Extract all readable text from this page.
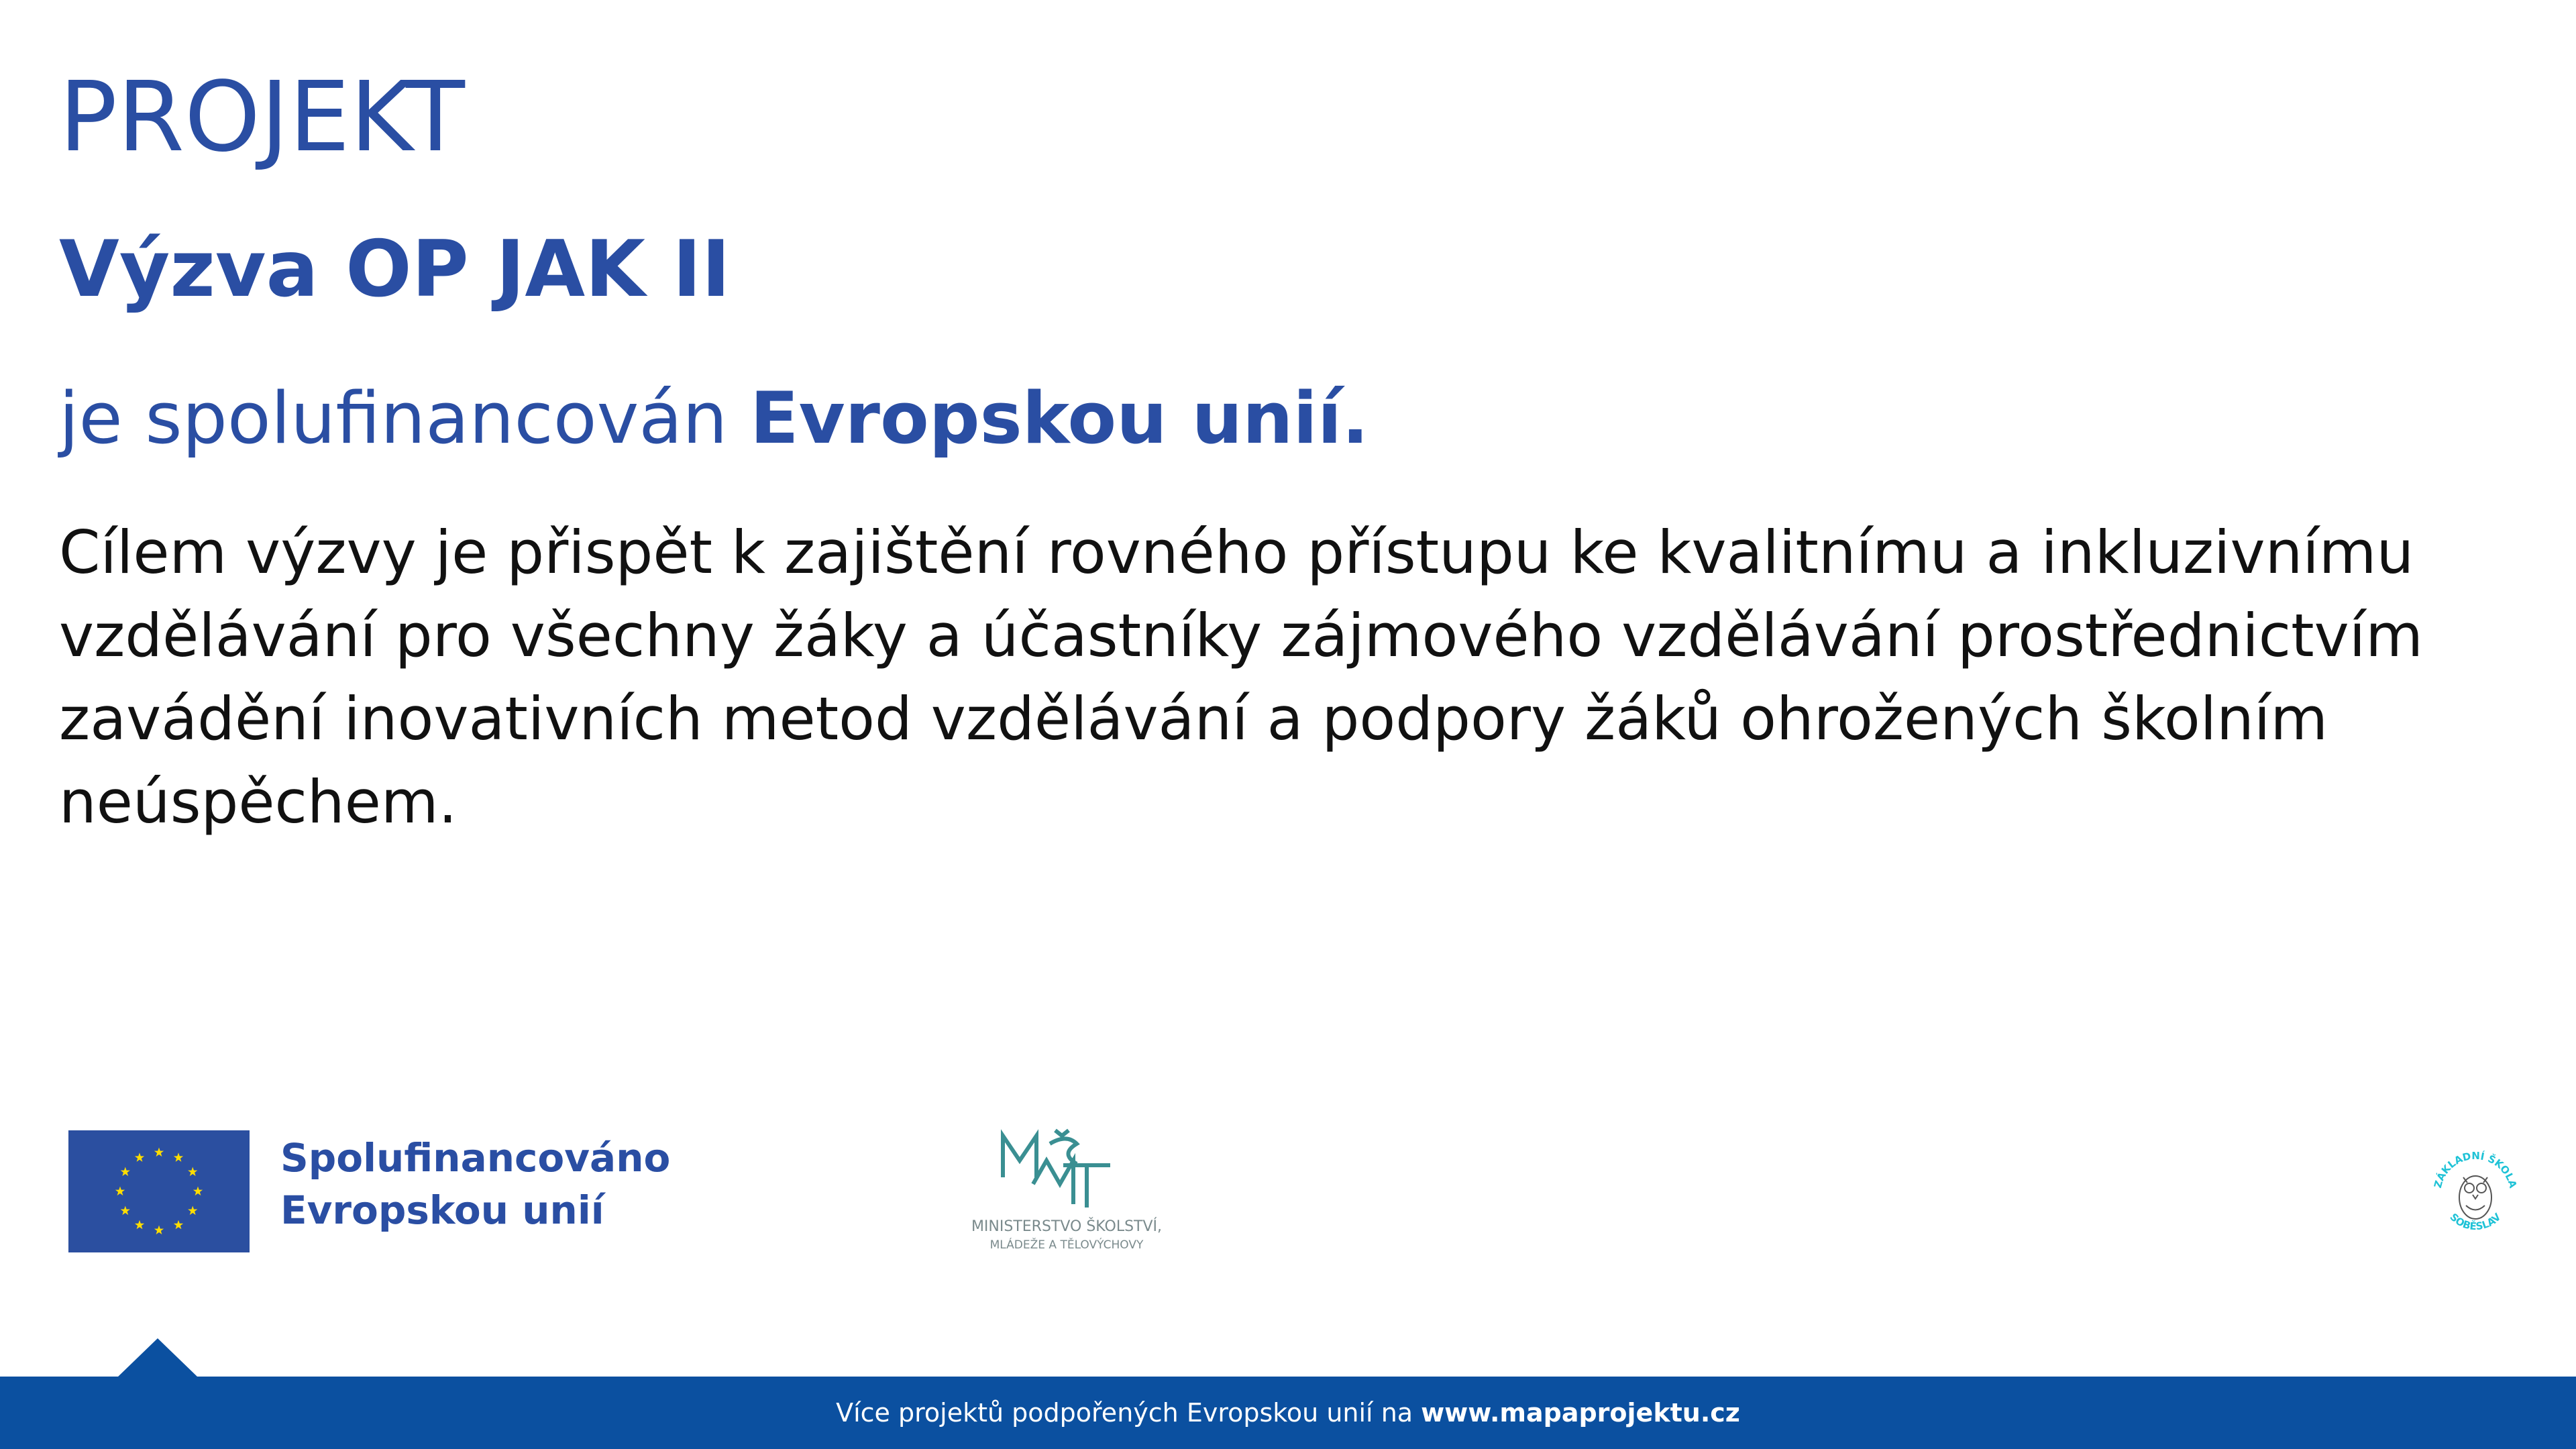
PROJEKT
Výzva OP JAK II

je spolufinancován Evropskou unií.

Cílem výzvy je přispět k zajištění rovného přístupu ke kvalitnímu a inkluzivnímu vzdělávání pro všechny žáky a účastníky zájmového vzdělávání prostřednictvím zavádění inovativních metod vzdělávání a podpory žáků ohrožených školním neúspěchem.

Spolufinancováno
Evropskou unií	MINISTERSTVO ŠKOLSTVÍ,
MLÁDEŽE A TĚLOVÝCHOVY
ZÁKLADNÍ ŠKOLA
SOBĚSLAV
Více projektů podpořených Evropskou unií na www.mapaprojektu.cz
